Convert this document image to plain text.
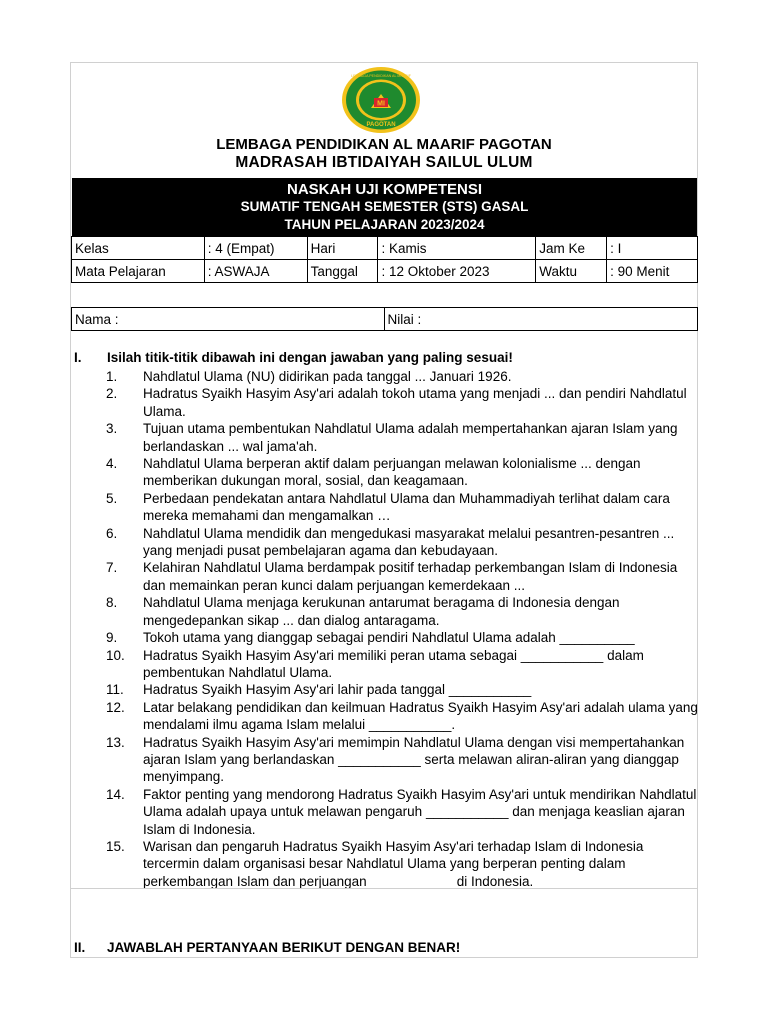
MI
PAGOTAN
LEMBAGA PENDIDIKAN AL MAARIF
LEMBAGA PENDIDIKAN AL MAARIF PAGOTAN
MADRASAH IBTIDAIYAH SAILUL ULUM
NASKAH UJI KOMPETENSI
SUMATIF TENGAH SEMESTER (STS) GASAL
TAHUN PELAJARAN 2023/2024
Kelas	: 4 (Empat)	Hari	: Kamis	Jam Ke	: I
Mata Pelajaran	: ASWAJA	Tanggal	: 12 Oktober 2023	Waktu	: 90 Menit
Nama :	Nilai :
I. Isilah titik-titik dibawah ini dengan jawaban yang paling sesuai!
1. Nahdlatul Ulama (NU) didirikan pada tanggal ... Januari 1926.
2. Hadratus Syaikh Hasyim Asy'ari adalah tokoh utama yang menjadi ... dan pendiri Nahdlatul Ulama.
3. Tujuan utama pembentukan Nahdlatul Ulama adalah mempertahankan ajaran Islam yang berlandaskan ... wal jama'ah.
4. Nahdlatul Ulama berperan aktif dalam perjuangan melawan kolonialisme ... dengan memberikan dukungan moral, sosial, dan keagamaan.
5. Perbedaan pendekatan antara Nahdlatul Ulama dan Muhammadiyah terlihat dalam cara mereka memahami dan mengamalkan …
6. Nahdlatul Ulama mendidik dan mengedukasi masyarakat melalui pesantren-pesantren ... yang menjadi pusat pembelajaran agama dan kebudayaan.
7. Kelahiran Nahdlatul Ulama berdampak positif terhadap perkembangan Islam di Indonesia dan memainkan peran kunci dalam perjuangan kemerdekaan ...
8. Nahdlatul Ulama menjaga kerukunan antarumat beragama di Indonesia dengan mengedepankan sikap ... dan dialog antaragama.
9. Tokoh utama yang dianggap sebagai pendiri Nahdlatul Ulama adalah __________
10. Hadratus Syaikh Hasyim Asy'ari memiliki peran utama sebagai ___________ dalam pembentukan Nahdlatul Ulama.
11. Hadratus Syaikh Hasyim Asy'ari lahir pada tanggal ___________
12. Latar belakang pendidikan dan keilmuan Hadratus Syaikh Hasyim Asy'ari adalah ulama yang mendalami ilmu agama Islam melalui ___________.
13. Hadratus Syaikh Hasyim Asy'ari memimpin Nahdlatul Ulama dengan visi mempertahankan ajaran Islam yang berlandaskan ___________ serta melawan aliran-aliran yang dianggap menyimpang.
14. Faktor penting yang mendorong Hadratus Syaikh Hasyim Asy'ari untuk mendirikan Nahdlatul Ulama adalah upaya untuk melawan pengaruh ___________ dan menjaga keaslian ajaran Islam di Indonesia.
15. Warisan dan pengaruh Hadratus Syaikh Hasyim Asy'ari terhadap Islam di Indonesia tercermin dalam organisasi besar Nahdlatul Ulama yang berperan penting dalam perkembangan Islam dan perjuangan ___________ di Indonesia.
II. JAWABLAH PERTANYAAN BERIKUT DENGAN BENAR!
